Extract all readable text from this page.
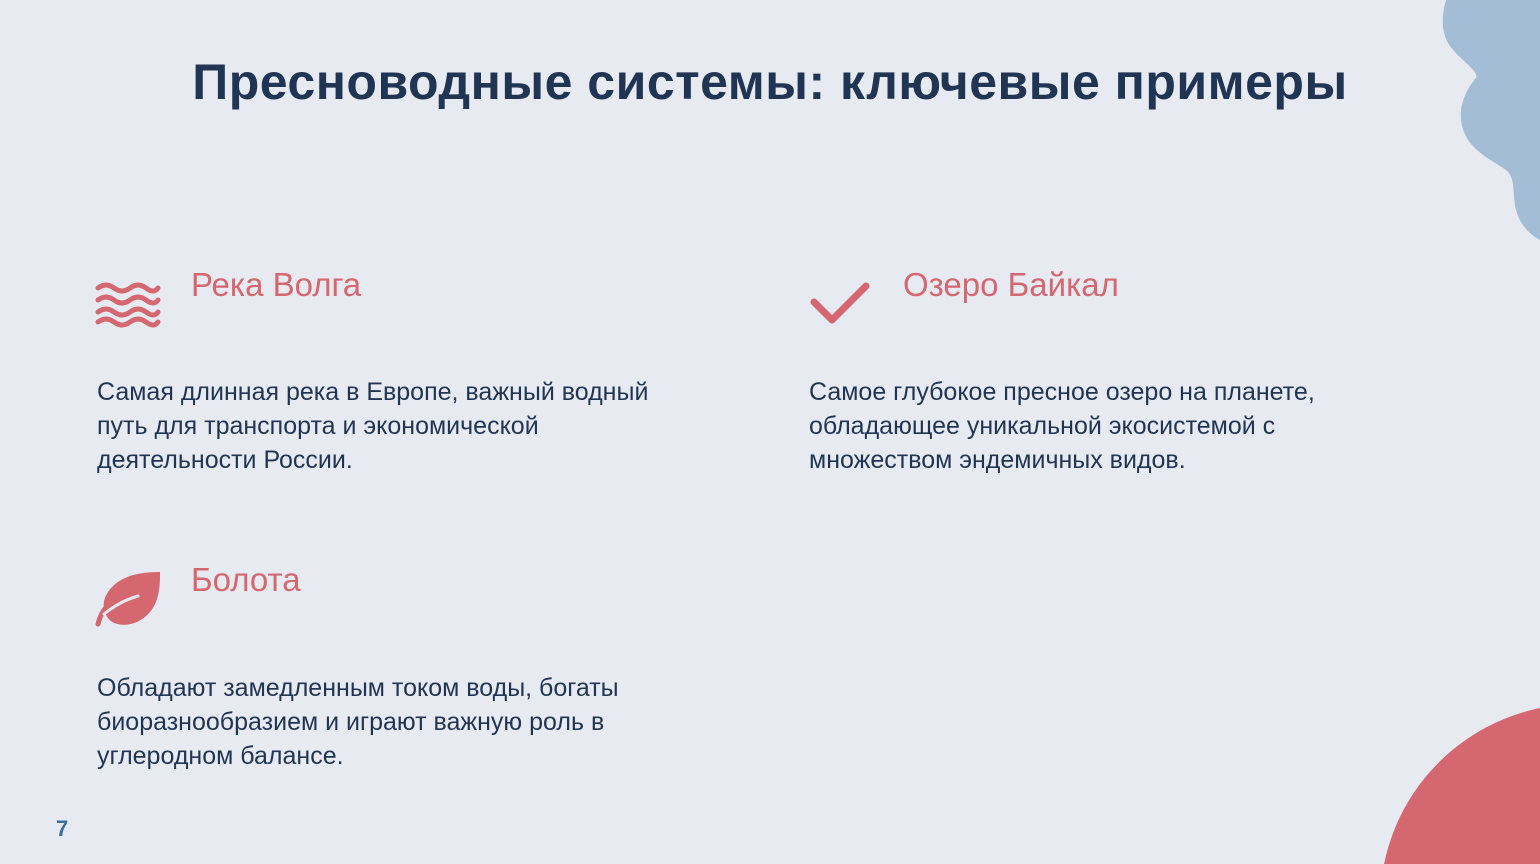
Пресноводные системы: ключевые примеры
Река Волга

Самая длинная река в Европе, важный водный путь для транспорта и экономической деятельности России.

Озеро Байкал

Самое глубокое пресное озеро на планете, обладающее уникальной экосистемой с множеством эндемичных видов.

Болота

Обладают замедленным током воды, богаты биоразнообразием и играют важную роль в углеродном балансе.

7
